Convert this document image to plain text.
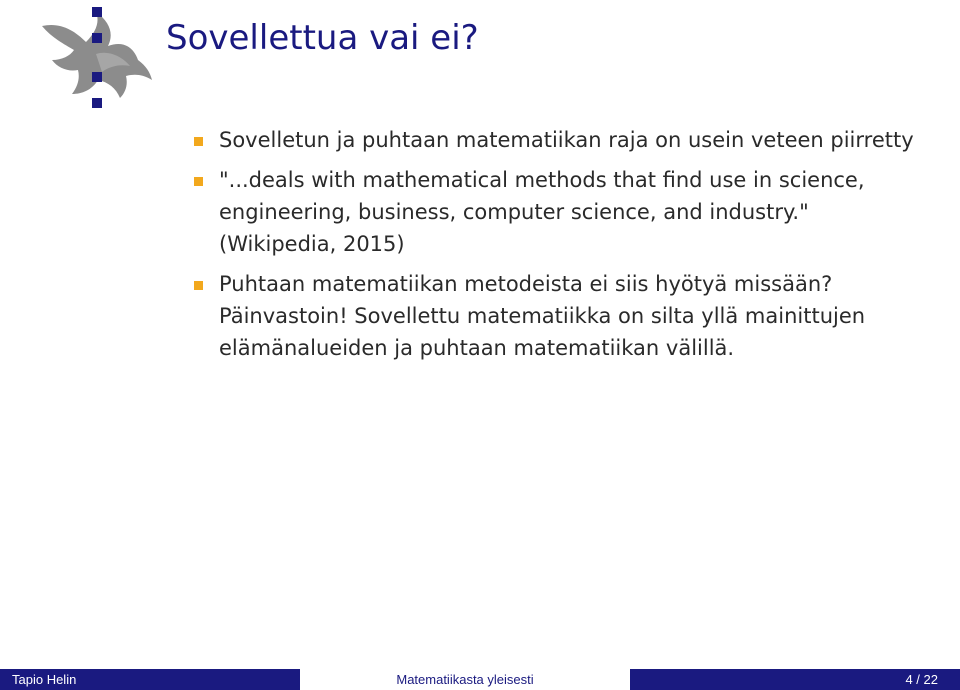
Sovellettua vai ei?
Sovelletun ja puhtaan matematiikan raja on usein veteen piirretty
"...deals with mathematical methods that find use in science, engineering, business, computer science, and industry." (Wikipedia, 2015)
Puhtaan matematiikan metodeista ei siis hyötyä missään? Päinvastoin! Sovellettu matematiikka on silta yllä mainittujen elämänalueiden ja puhtaan matematiikan välillä.
Tapio Helin	Matematiikasta yleisesti	4 / 22
